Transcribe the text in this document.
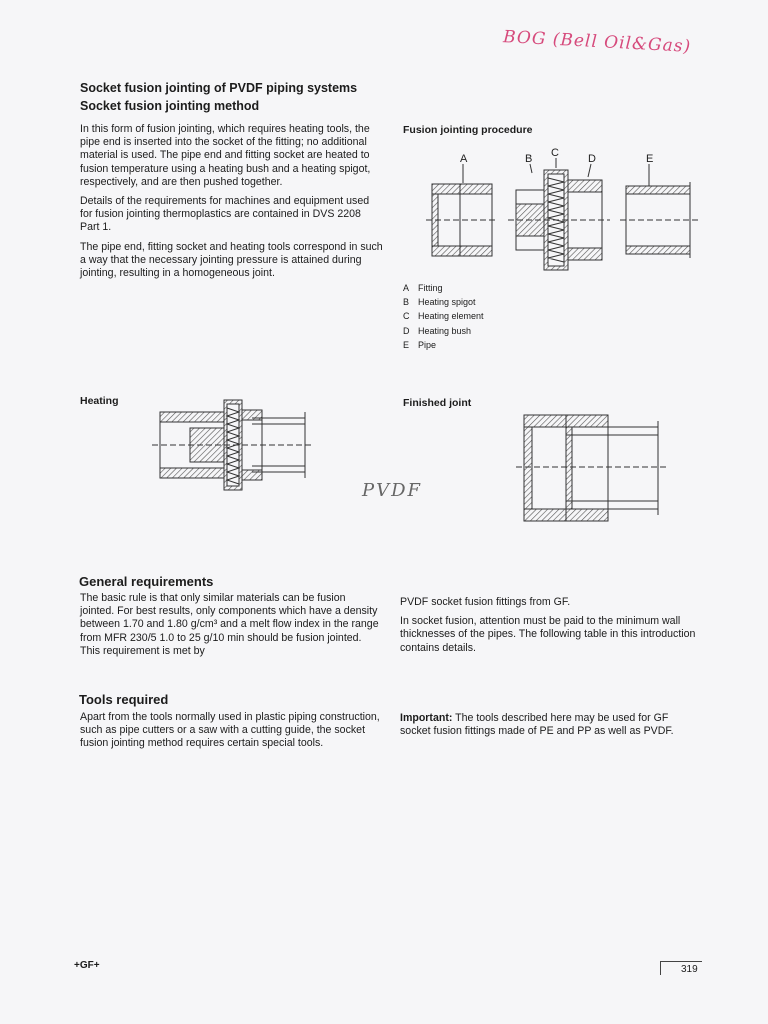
BOG (Bell Oil&Gas)
Socket fusion jointing of PVDF piping systems
Socket fusion jointing method

In this form of fusion jointing, which requires heating tools, the pipe end is inserted into the socket of the fitting; no additional material is used. The pipe end and fitting socket are heated to fusion temperature using a heating bush and a heating spigot, respectively, and are then pushed together.

Details of the requirements for machines and equipment used for fusion jointing thermoplastics are contained in DVS 2208 Part 1.

The pipe end, fitting socket and heating tools correspond in such a way that the necessary jointing pressure is attained during jointing, resulting in a homogeneous joint.

Fusion jointing procedure
A	B C	D	E
A Fitting
B Heating spigot
C Heating element
D Heating bush
E Pipe
Heating
PVDF
Finished joint
General requirements

The basic rule is that only similar materials can be fusion jointed. For best results, only components which have a density between 1.70 and 1.80 g/cm³ and a melt flow index in the range from MFR 230/5 1.0 to 25 g/10 min should be fusion jointed. This requirement is met by

PVDF socket fusion fittings from GF.

In socket fusion, attention must be paid to the minimum wall thicknesses of the pipes. The following table in this introduction contains details.

Tools required

Apart from the tools normally used in plastic piping construction, such as pipe cutters or a saw with a cutting guide, the socket fusion jointing method requires certain special tools.

Important: The tools described here may be used for GF socket fusion fittings made of PE and PP as well as PVDF.

+GF+	319
